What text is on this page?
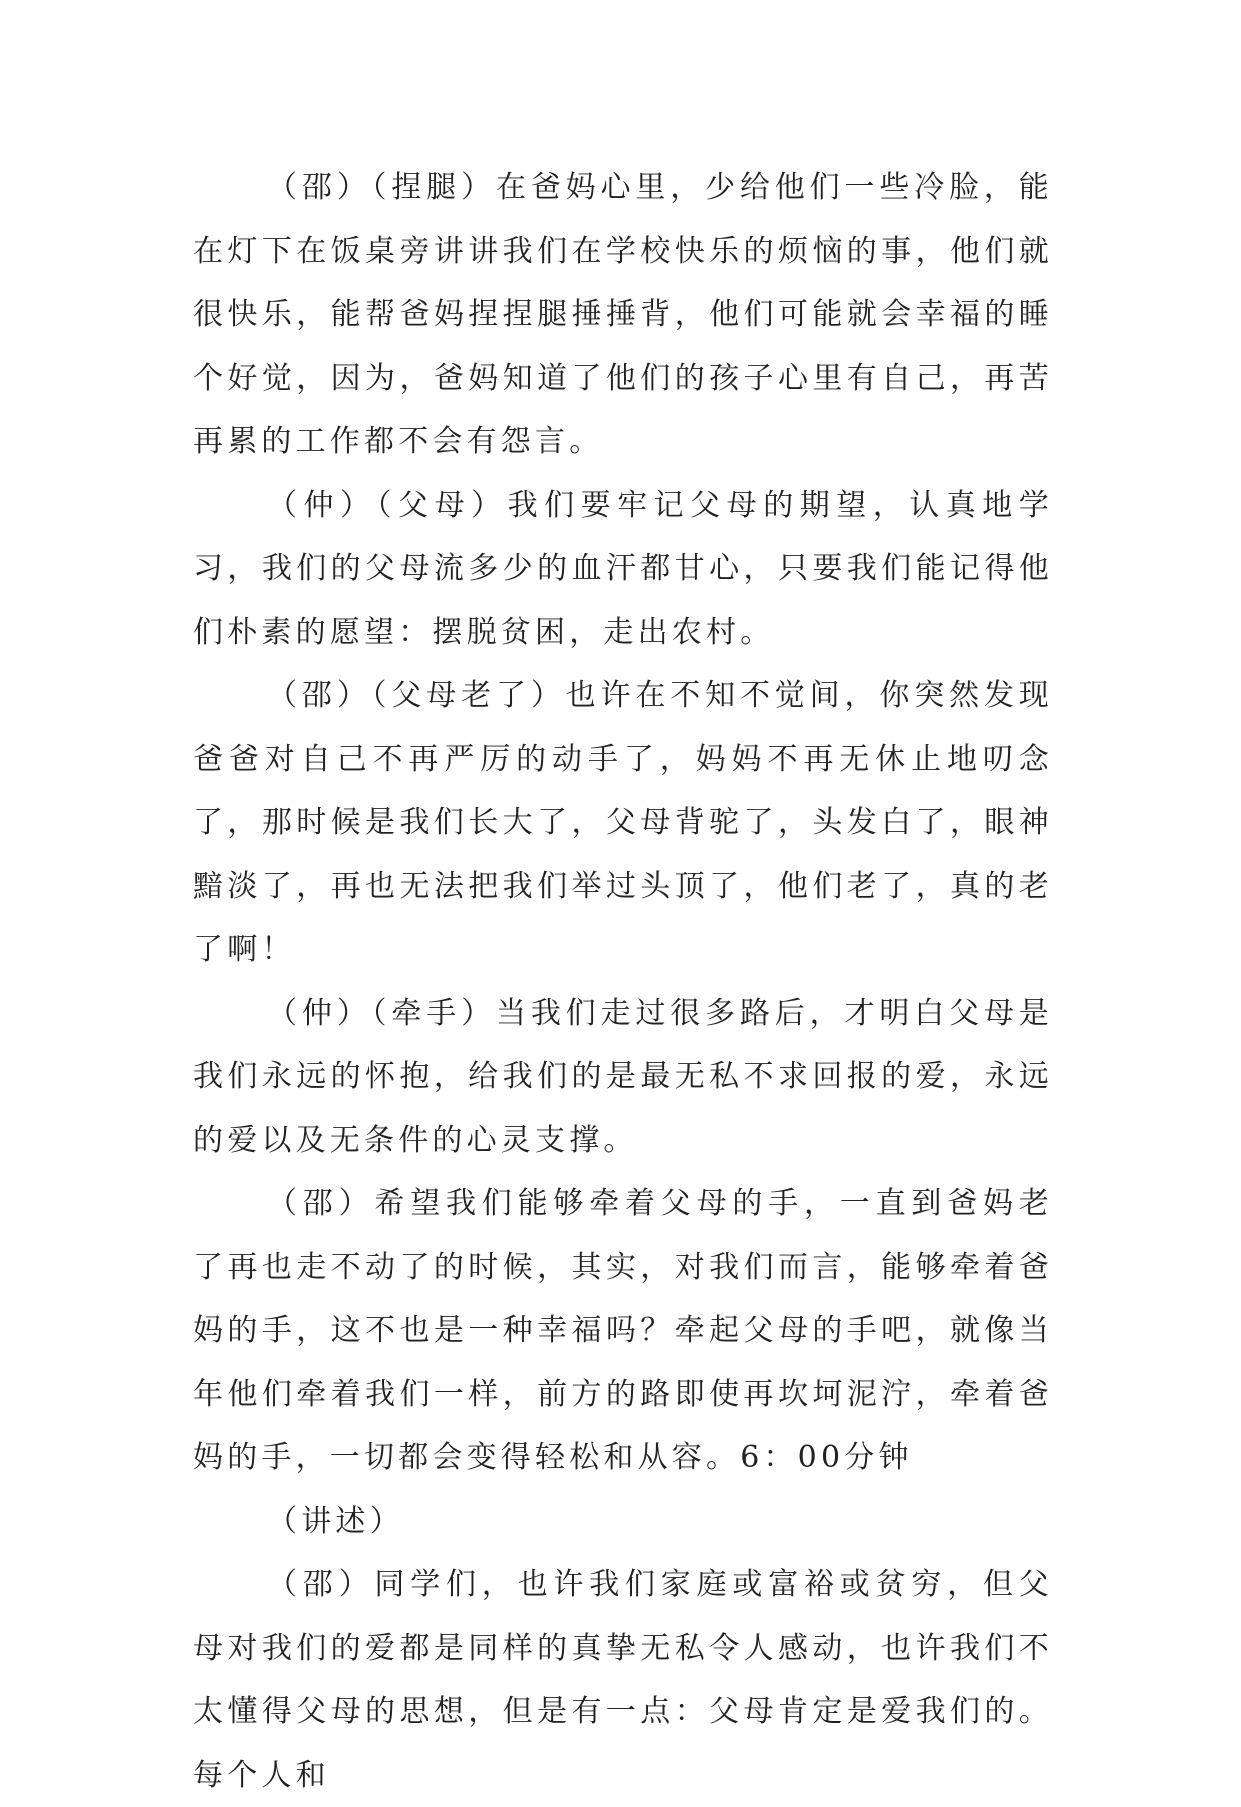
（邵）（捏腿）在爸妈心里，少给他们一些冷脸，能在灯下在饭桌旁讲讲我们在学校快乐的烦恼的事，他们就很快乐，能帮爸妈捏捏腿捶捶背，他们可能就会幸福的睡个好觉，因为，爸妈知道了他们的孩子心里有自己，再苦再累的工作都不会有怨言。

（仲）（父母）我们要牢记父母的期望，认真地学习，我们的父母流多少的血汗都甘心，只要我们能记得他们朴素的愿望：摆脱贫困，走出农村。

（邵）（父母老了）也许在不知不觉间，你突然发现爸爸对自己不再严厉的动手了，妈妈不再无休止地叨念了，那时候是我们长大了，父母背驼了，头发白了，眼神黯淡了，再也无法把我们举过头顶了，他们老了，真的老了啊！

（仲）（牵手）当我们走过很多路后，才明白父母是我们永远的怀抱，给我们的是最无私不求回报的爱，永远的爱以及无条件的心灵支撑。

（邵）希望我们能够牵着父母的手，一直到爸妈老了再也走不动了的时候，其实，对我们而言，能够牵着爸妈的手，这不也是一种幸福吗？牵起父母的手吧，就像当年他们牵着我们一样，前方的路即使再坎坷泥泞，牵着爸妈的手，一切都会变得轻松和从容。6：00分钟

（讲述）

（邵）同学们，也许我们家庭或富裕或贫穷，但父母对我们的爱都是同样的真挚无私令人感动，也许我们不太懂得父母的思想，但是有一点：父母肯定是爱我们的。每个人和
